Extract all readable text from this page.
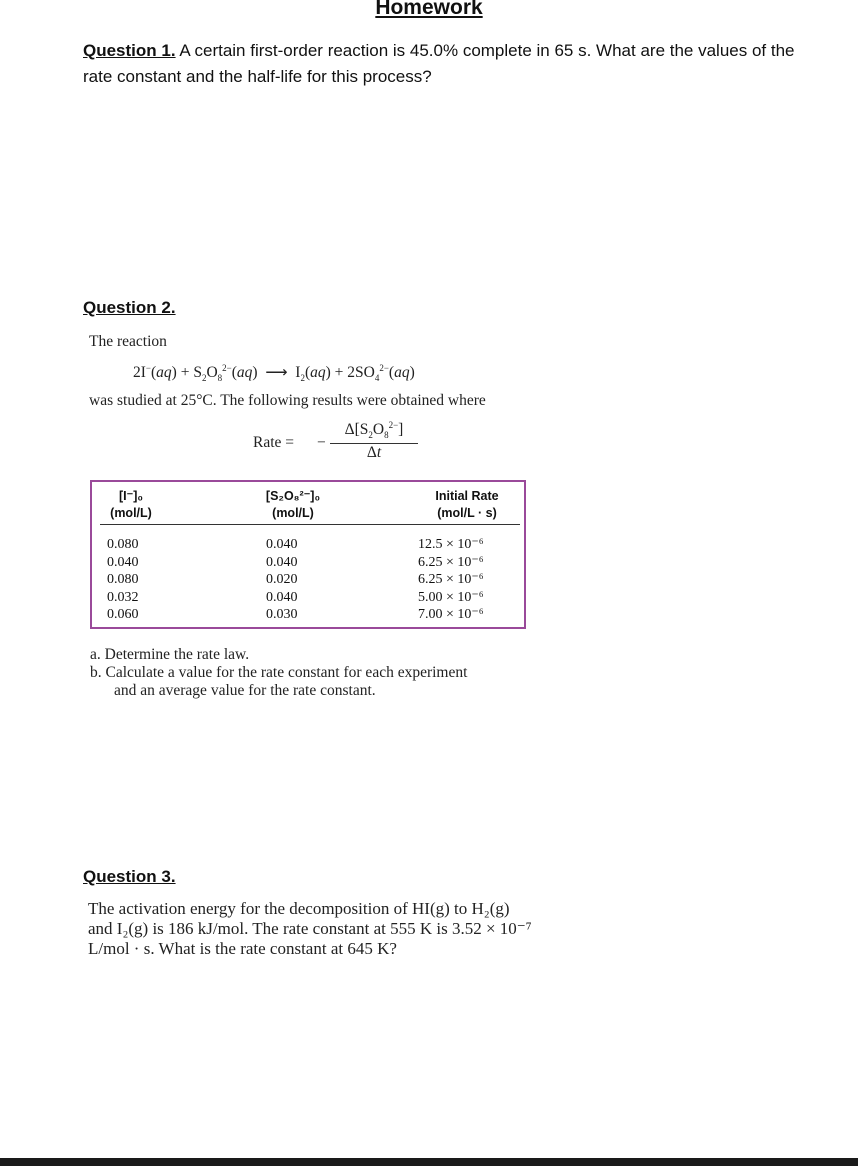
Homework
Question 1. A certain first-order reaction is 45.0% complete in 65 s. What are the values of the
rate constant and the half-life for this process?
Question 2.
The reaction
$2I^-(aq) + S_2O_8^{2-}(aq)$  ⟶  $I_2(aq) + 2SO_4^{2-}(aq)$
was studied at 25°C. The following results were obtained where
Rate = −
$\Delta[S_2O_8^{2-}]$
Δt
[I⁻]₀
(mol/L)
[S₂O₈²⁻]₀
(mol/L)
Initial Rate
(mol/L · s)
0.080
0.040
0.080
0.032
0.060
0.040
0.040
0.020
0.040
0.030
12.5 × 10⁻⁶
6.25 × 10⁻⁶
6.25 × 10⁻⁶
5.00 × 10⁻⁶
7.00 × 10⁻⁶
a. Determine the rate law.
b. Calculate a value for the rate constant for each experiment
and an average value for the rate constant.
Question 3.
The activation energy for the decomposition of HI(g) to H₂(g)
and I₂(g) is 186 kJ/mol. The rate constant at 555 K is 3.52 × 10⁻⁷
L/mol · s. What is the rate constant at 645 K?
